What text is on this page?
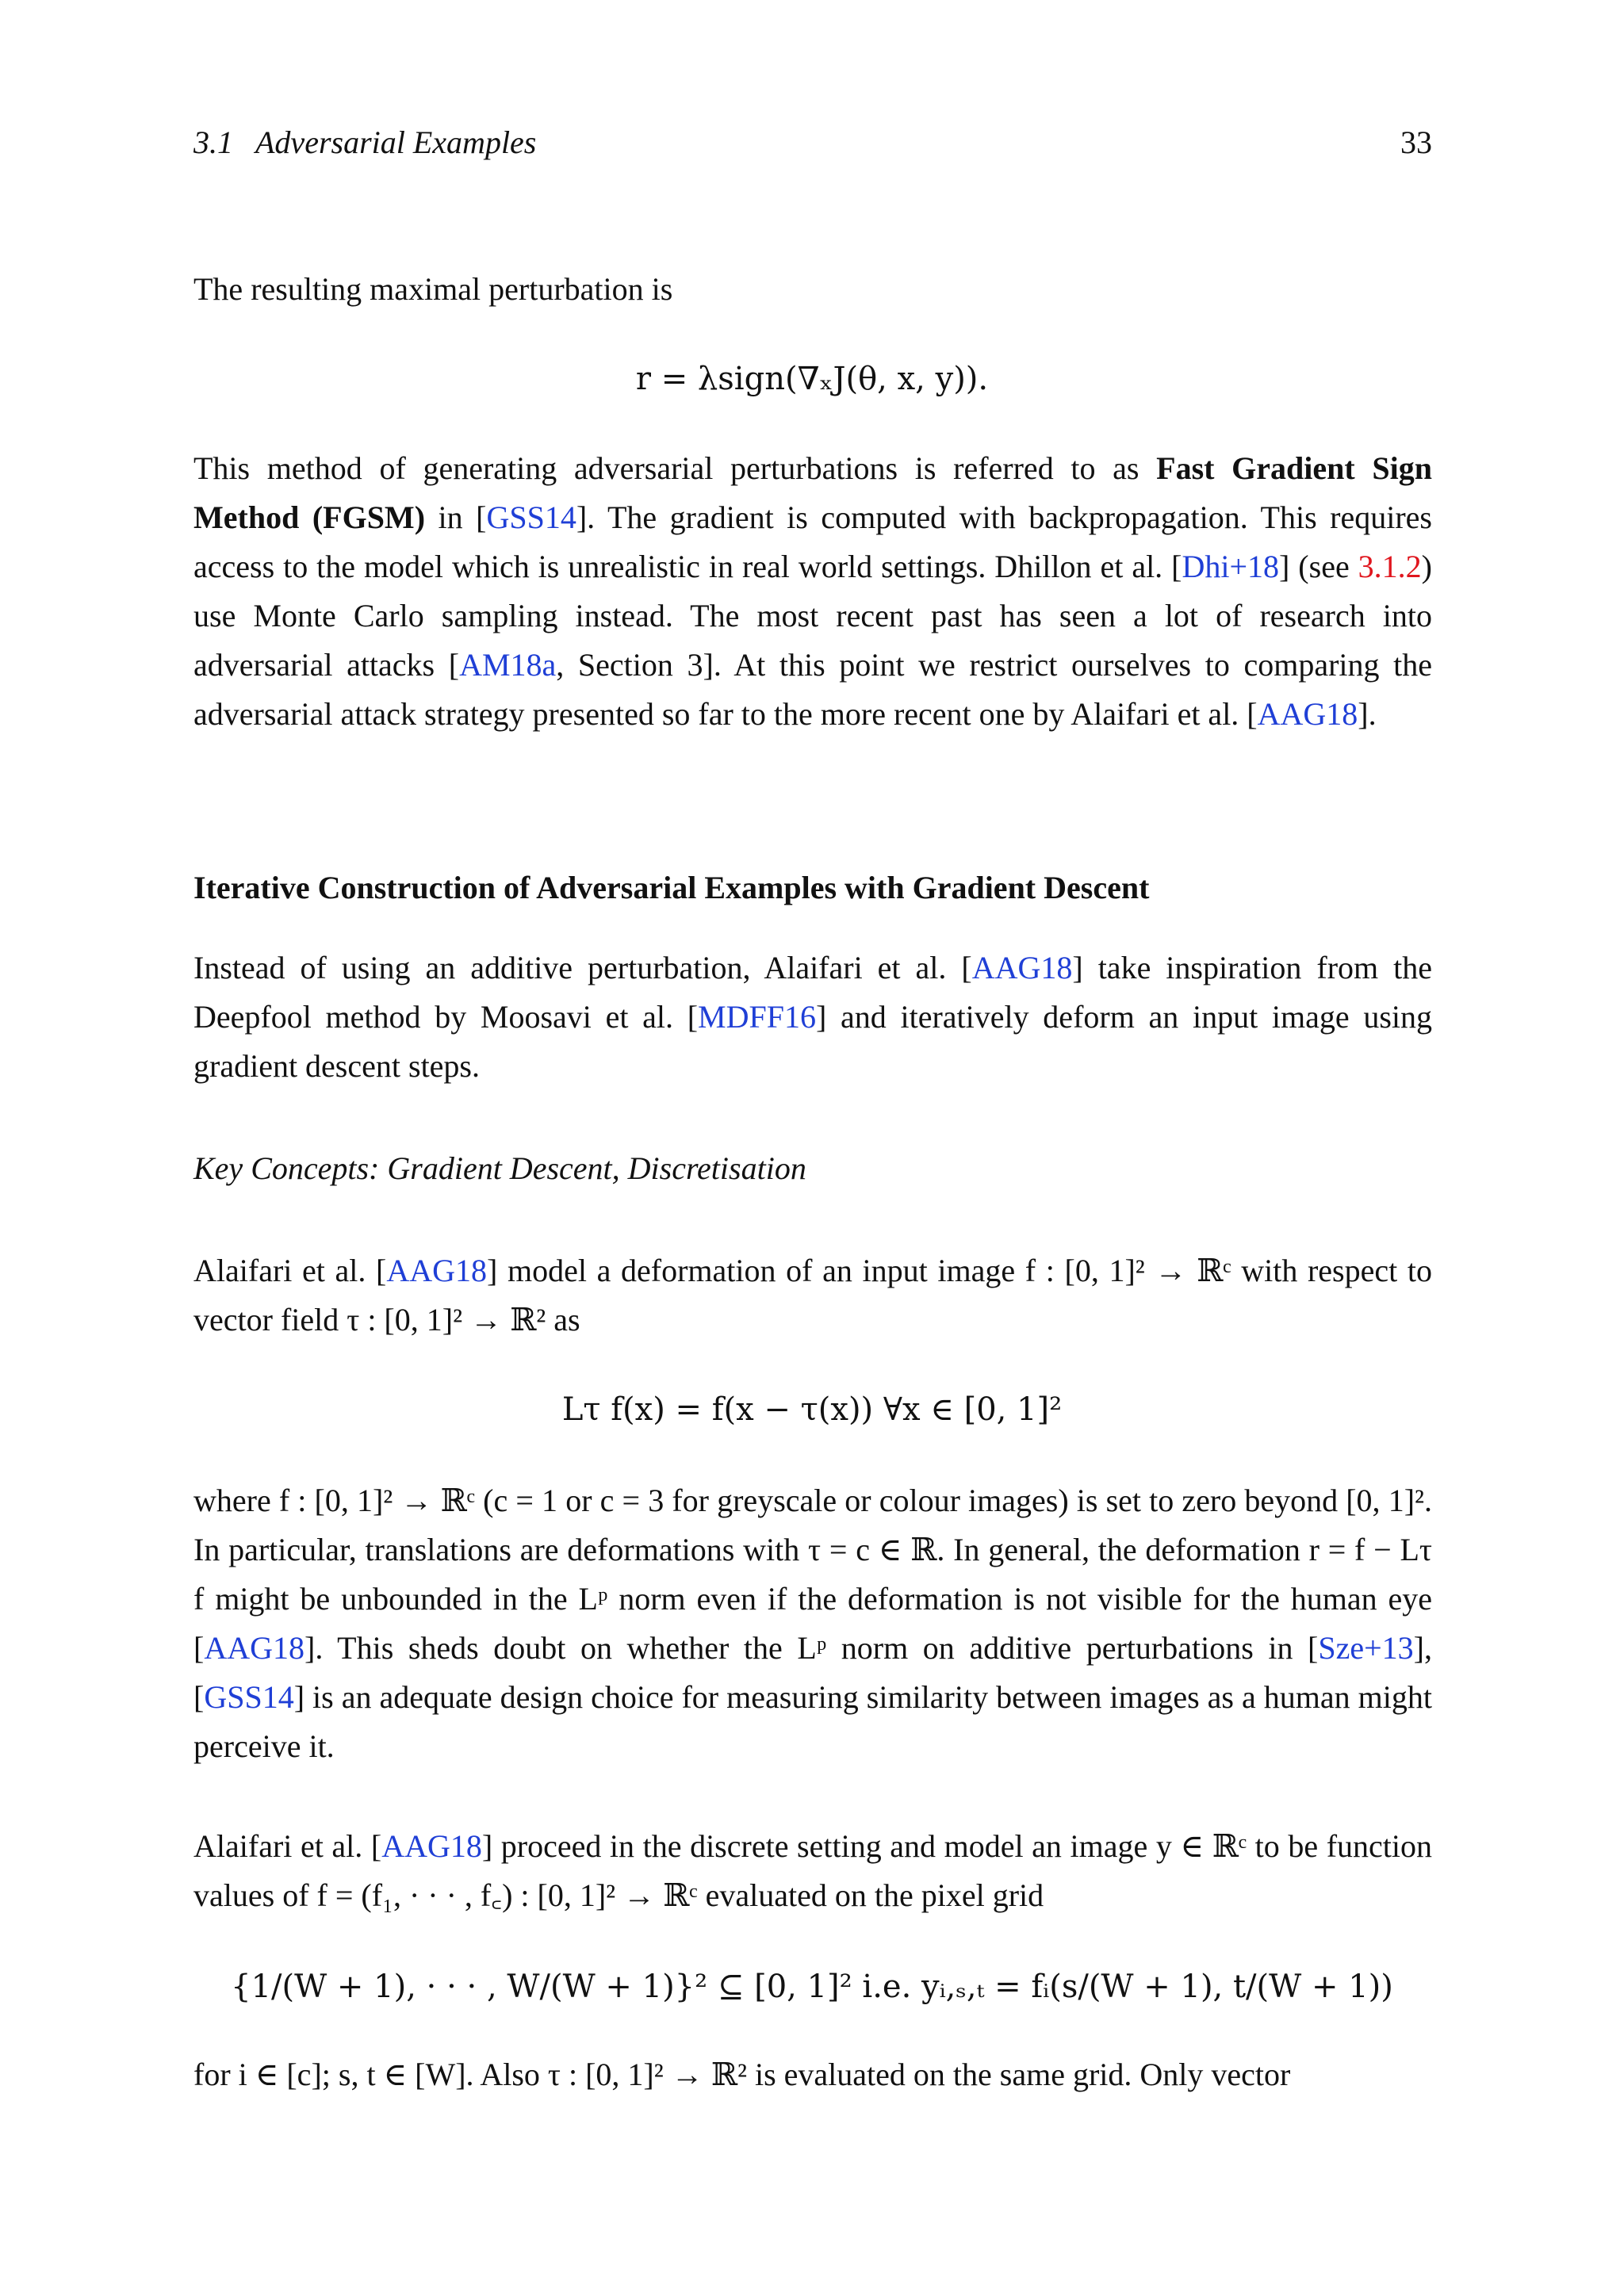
3.1 Adversarial Examples	33

The resulting maximal perturbation is

r = λsign(∇ₓJ(θ, x, y)).

This method of generating adversarial perturbations is referred to as Fast Gradient Sign Method (FGSM) in [GSS14]. The gradient is computed with backpropagation. This requires access to the model which is unrealistic in real world settings. Dhillon et al. [Dhi+18] (see 3.1.2) use Monte Carlo sampling instead. The most recent past has seen a lot of research into adversarial attacks [AM18a, Section 3]. At this point we restrict ourselves to comparing the adversarial attack strategy presented so far to the more recent one by Alaifari et al. [AAG18].

Iterative Construction of Adversarial Examples with Gradient Descent

Instead of using an additive perturbation, Alaifari et al. [AAG18] take inspiration from the Deepfool method by Moosavi et al. [MDFF16] and iteratively deform an input image using gradient descent steps.

Key Concepts: Gradient Descent, Discretisation

Alaifari et al. [AAG18] model a deformation of an input image f : [0, 1]² → ℝᶜ with respect to vector field τ : [0, 1]² → ℝ² as

Lτ f(x) = f(x − τ(x)) ∀x ∈ [0, 1]²

where f : [0, 1]² → ℝᶜ (c = 1 or c = 3 for greyscale or colour images) is set to zero beyond [0, 1]². In particular, translations are deformations with τ = c ∈ ℝ. In general, the deformation r = f − Lτ f might be unbounded in the Lᵖ norm even if the deformation is not visible for the human eye [AAG18]. This sheds doubt on whether the Lᵖ norm on additive perturbations in [Sze+13], [GSS14] is an adequate design choice for measuring similarity between images as a human might perceive it.

Alaifari et al. [AAG18] proceed in the discrete setting and model an image y ∈ ℝᶜ to be function values of f = (f₁, · · · , f꜀) : [0, 1]² → ℝᶜ evaluated on the pixel grid

{1/(W + 1), · · · , W/(W + 1)}² ⊆ [0, 1]² i.e. yᵢ,ₛ,ₜ = fᵢ(s/(W + 1), t/(W + 1))

for i ∈ [c]; s, t ∈ [W]. Also τ : [0, 1]² → ℝ² is evaluated on the same grid. Only vector
